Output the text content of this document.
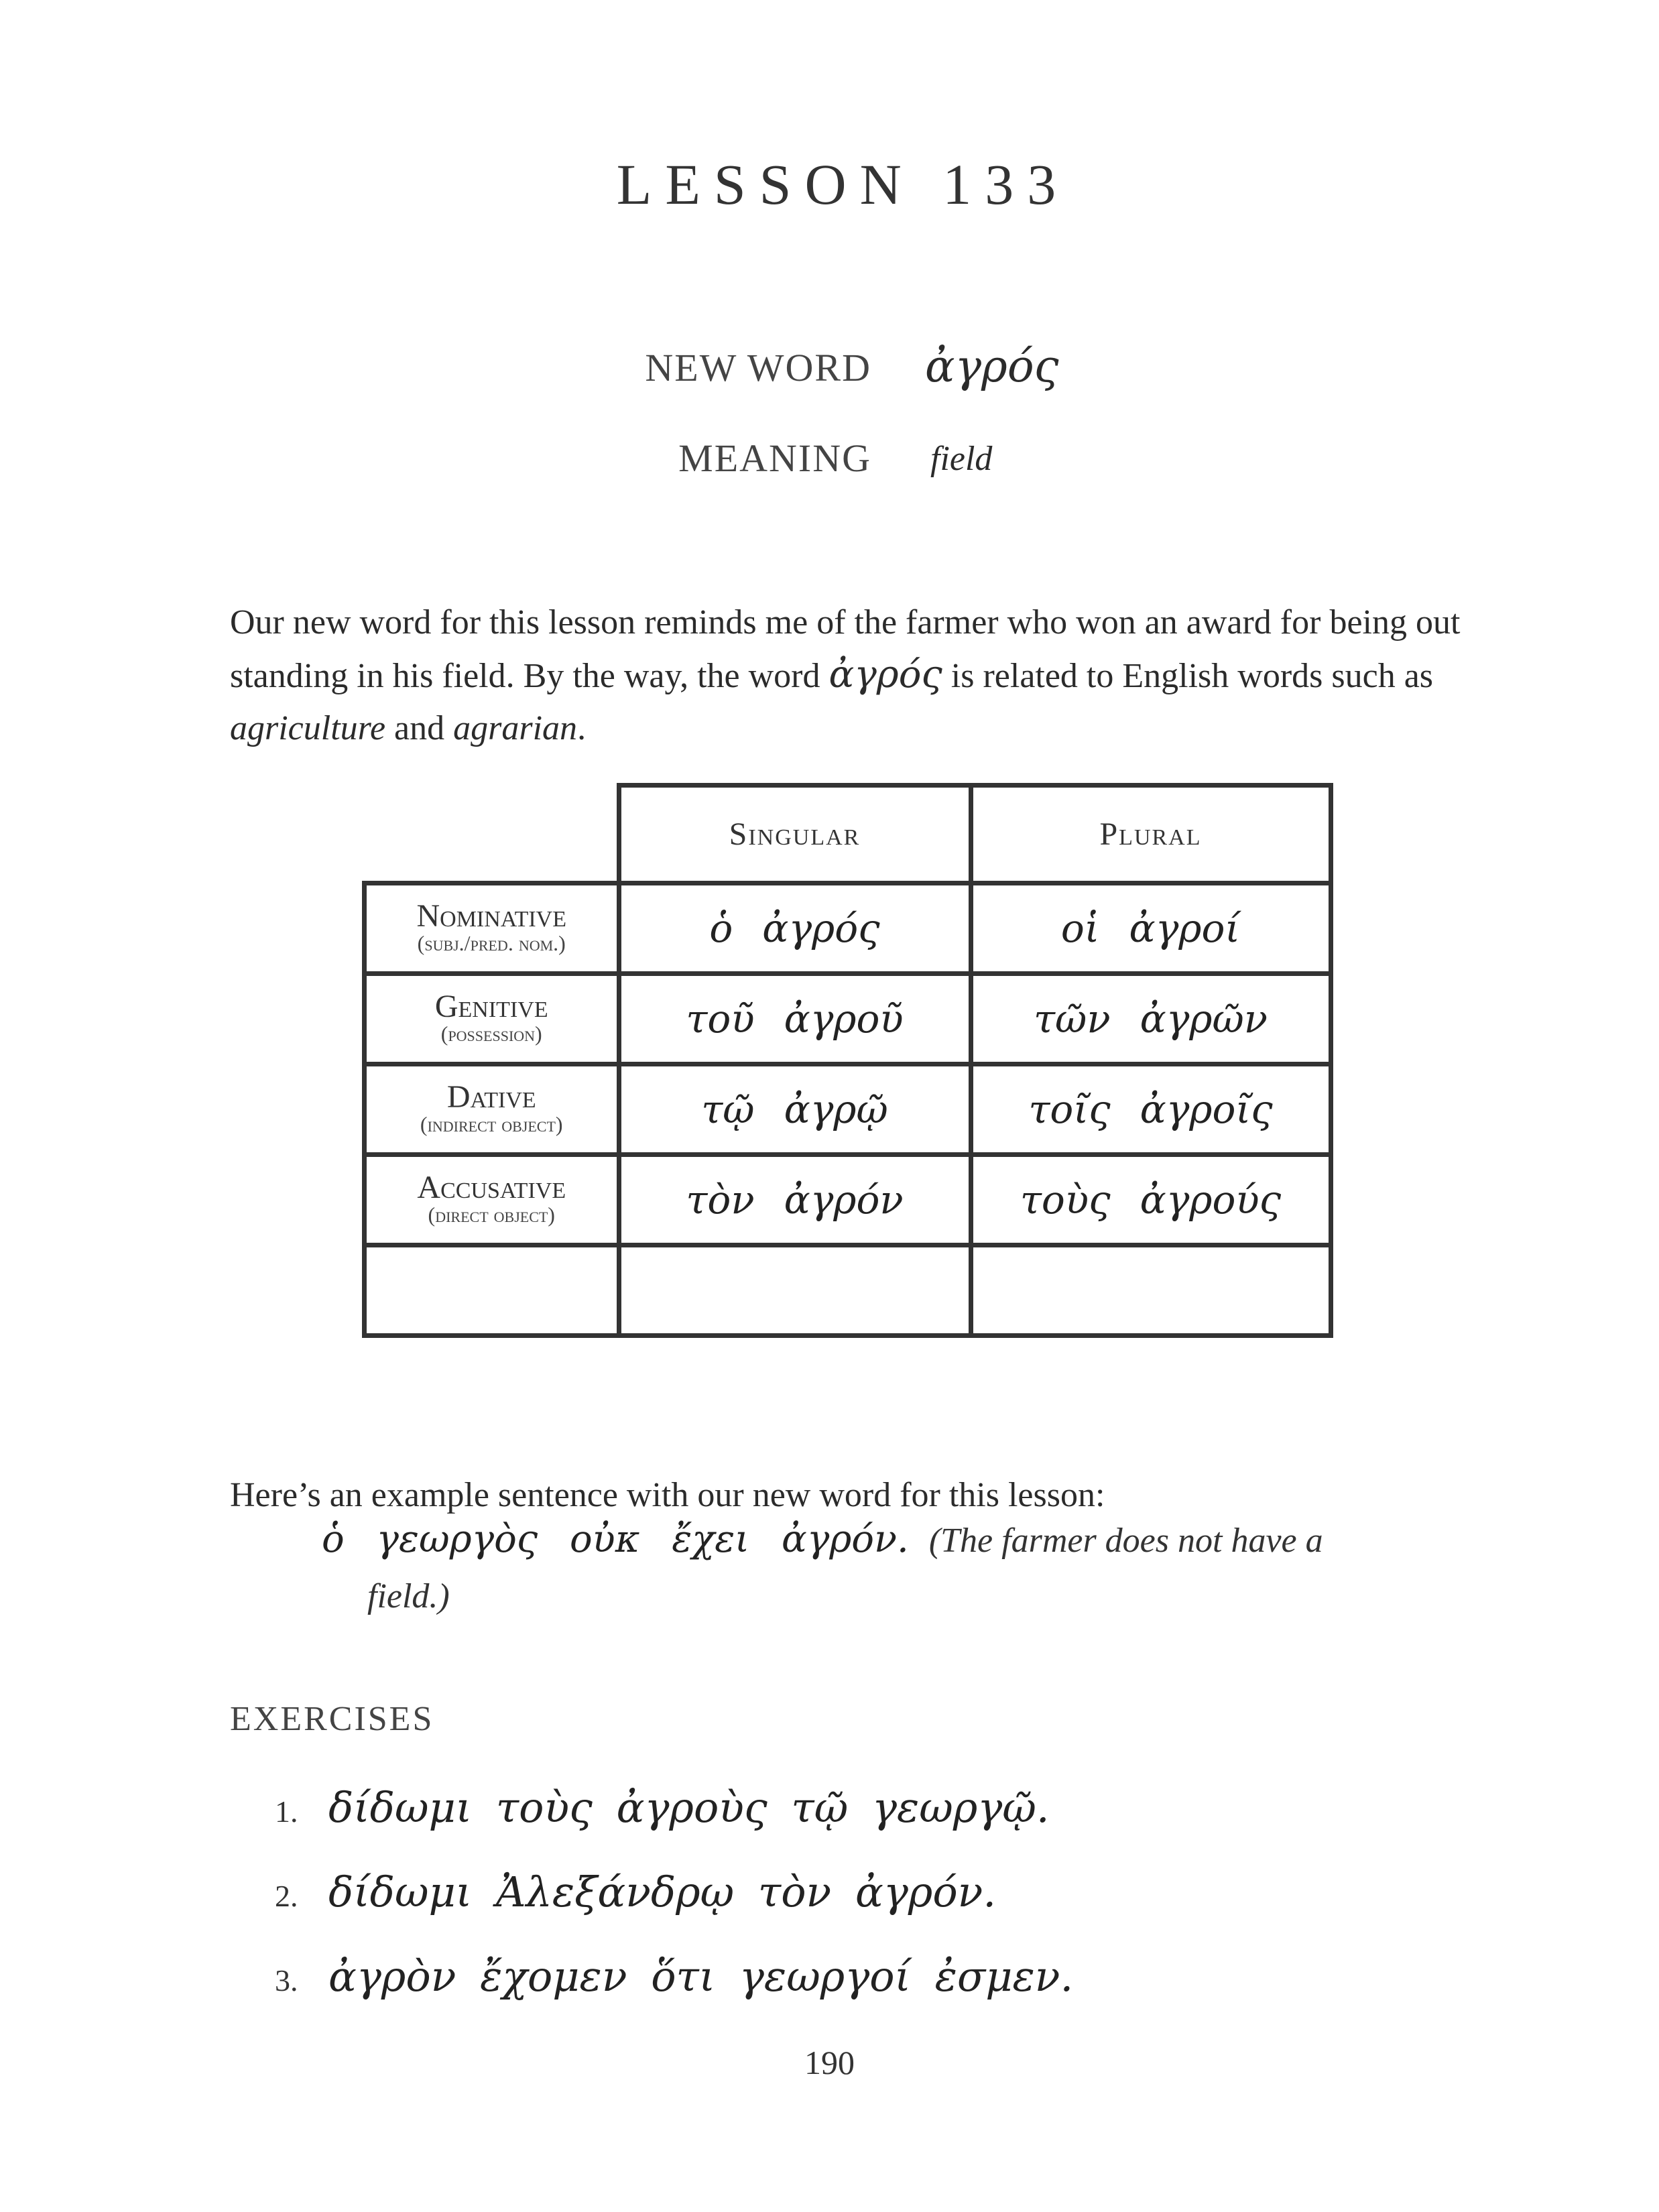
LESSON 133
NEW WORD ἀγρός
MEANING field

Our new word for this lesson reminds me of the farmer who won an award for being out standing in his field. By the way, the word ἀγρός is related to English words such as agriculture and agrarian.

	Singular	Plural
Nominative
(subj./pred. nom.)	ὁ ἀγρός	οἱ ἀγροί
Genitive
(possession)	τοῦ ἀγροῦ	τῶν ἀγρῶν
Dative
(indirect object)	τῷ ἀγρῷ	τοῖς ἀγροῖς
Accusative
(direct object)	τὸν ἀγρόν	τοὺς ἀγρούς

Here’s an example sentence with our new word for this lesson:

ὁ γεωργὸς οὐκ ἔχει ἀγρόν. (The farmer does not have a
field.)
EXERCISES
1. δίδωμι τοὺς ἀγροὺς τῷ γεωργῷ.
2. δίδωμι Ἀλεξάνδρῳ τὸν ἀγρόν.
3. ἀγρὸν ἔχομεν ὅτι γεωργοί ἐσμεν.
190
